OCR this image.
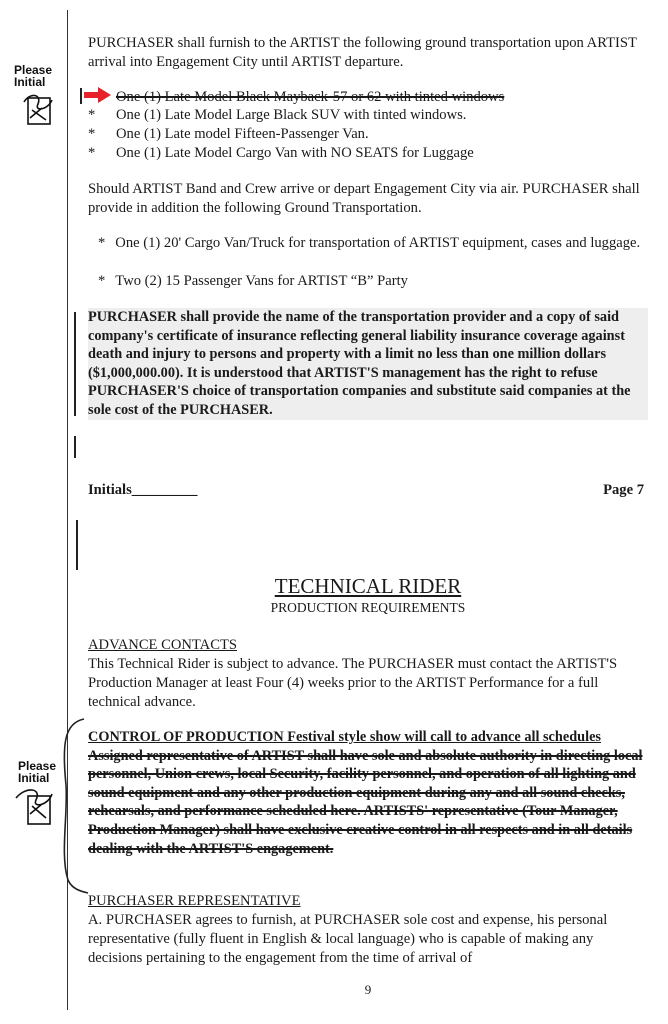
PURCHASER shall furnish to the ARTIST the following ground transportation upon ARTIST arrival into Engagement City until ARTIST departure.

Please
Initial
One (1) Late Model Black Mayback-57 or 62 with tinted windows
* One (1) Late Model Large Black SUV with tinted windows.
* One (1) Late model Fifteen-Passenger Van.
* One (1) Late Model Cargo Van with NO SEATS for Luggage

Should ARTIST Band and Crew arrive or depart Engagement City via air. PURCHASER shall provide in addition the following Ground Transportation.

* One (1) 20' Cargo Van/Truck for transportation of ARTIST equipment, cases and luggage.

* Two (2) 15 Passenger Vans for ARTIST “B” Party

PURCHASER shall provide the name of the transportation provider and a copy of said company's certificate of insurance reflecting general liability insurance coverage against death and injury to persons and property with a limit no less than one million dollars ($1,000,000.00). It is understood that ARTIST'S management has the right to refuse PURCHASER'S choice of transportation companies and substitute said companies at the sole cost of the PURCHASER.

Initials_________	Page 7
TECHNICAL RIDER
PRODUCTION REQUIREMENTS
ADVANCE CONTACTS

This Technical Rider is subject to advance. The PURCHASER must contact the ARTIST'S Production Manager at least Four (4) weeks prior to the ARTIST Performance for a full technical advance.

Please
Initial

CONTROL OF PRODUCTION Festival style show will call to advance all schedules
Assigned representative of ARTIST shall have sole and absolute authority in directing local personnel, Union crews, local Security, facility personnel, and operation of all lighting and sound equipment and any other production equipment during any and all sound checks, rehearsals, and performance scheduled here. ARTISTS' representative (Tour Manager, Production Manager) shall have exclusive creative control in all respects and in all details dealing with the ARTIST'S engagement.

PURCHASER REPRESENTATIVE

A. PURCHASER agrees to furnish, at PURCHASER sole cost and expense, his personal representative (fully fluent in English & local language) who is capable of making any decisions pertaining to the engagement from the time of arrival of

9
